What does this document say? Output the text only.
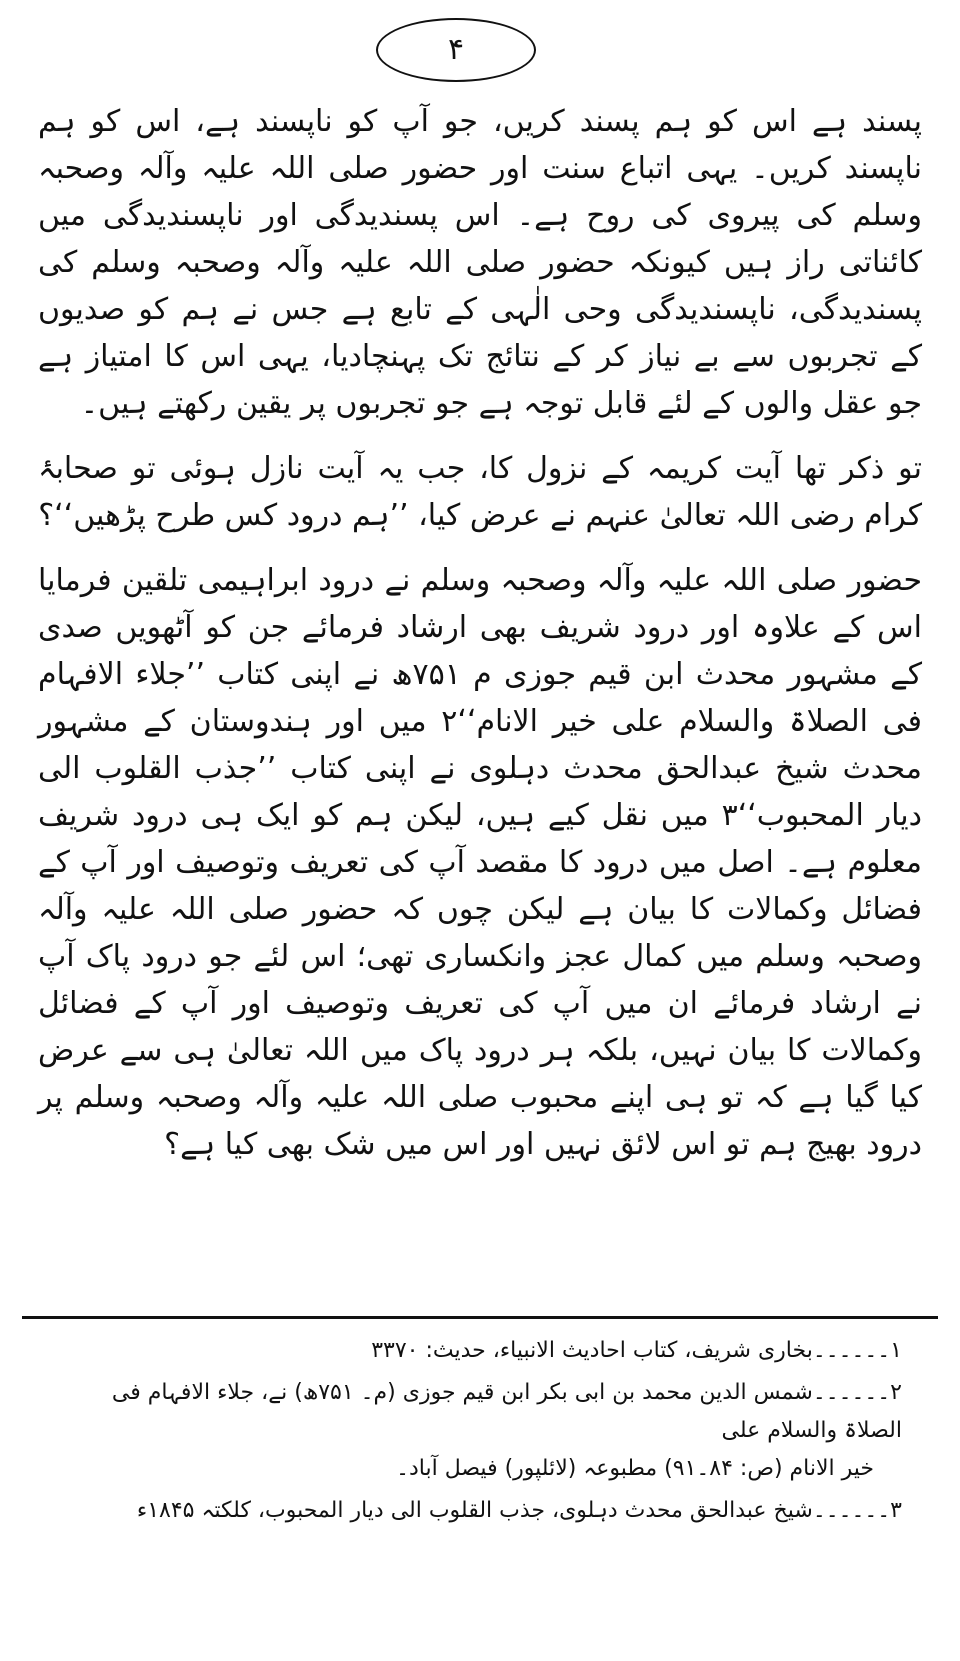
۴

پسند ہے اس کو ہم پسند کریں، جو آپ کو ناپسند ہے، اس کو ہم ناپسند کریں۔ یہی اتباع سنت اور حضور صلی اللہ علیہ وآلہ وصحبہ وسلم کی پیروی کی روح ہے۔ اس پسندیدگی اور ناپسندیدگی میں کائناتی راز ہیں کیونکہ حضور صلی اللہ علیہ وآلہ وصحبہ وسلم کی پسندیدگی، ناپسندیدگی وحی الٰہی کے تابع ہے جس نے ہم کو صدیوں کے تجربوں سے بے نیاز کر کے نتائج تک پہنچادیا، یہی اس کا امتیاز ہے جو عقل والوں کے لئے قابل توجہ ہے جو تجربوں پر یقین رکھتے ہیں۔

تو ذکر تھا آیت کریمہ کے نزول کا، جب یہ آیت نازل ہوئی تو صحابۂ کرام رضی اللہ تعالیٰ عنہم نے عرض کیا، ’’ہم درود کس طرح پڑھیں‘‘؟

حضور صلی اللہ علیہ وآلہ وصحبہ وسلم نے درود ابراہیمی تلقین فرمایا اس کے علاوہ اور درود شریف بھی ارشاد فرمائے جن کو آٹھویں صدی کے مشہور محدث ابن قیم جوزی م ۷۵۱ھ نے اپنی کتاب ’’جلاء الافہام فی الصلاۃ والسلام علی خیر الانام‘‘۲ میں اور ہندوستان کے مشہور محدث شیخ عبدالحق محدث دہلوی نے اپنی کتاب ’’جذب القلوب الی دیار المحبوب‘‘۳ میں نقل کیے ہیں، لیکن ہم کو ایک ہی درود شریف معلوم ہے۔ اصل میں درود کا مقصد آپ کی تعریف وتوصیف اور آپ کے فضائل وکمالات کا بیان ہے لیکن چوں کہ حضور صلی اللہ علیہ وآلہ وصحبہ وسلم میں کمال عجز وانکساری تھی؛ اس لئے جو درود پاک آپ نے ارشاد فرمائے ان میں آپ کی تعریف وتوصیف اور آپ کے فضائل وکمالات کا بیان نہیں، بلکہ ہر درود پاک میں اللہ تعالیٰ ہی سے عرض کیا گیا ہے کہ تو ہی اپنے محبوب صلی اللہ علیہ وآلہ وصحبہ وسلم پر درود بھیج ہم تو اس لائق نہیں اور اس میں شک بھی کیا ہے؟

۱۔۔۔۔۔۔بخاری شریف، کتاب احادیث الانبیاء، حدیث: ۳۳۷۰

۲۔۔۔۔۔۔شمس الدین محمد بن ابی بکر ابن قیم جوزی (م۔ ۷۵۱ھ) نے، جلاء الافہام فی الصلاۃ والسلام علی
خیر الانام (ص: ۸۴۔۹۱) مطبوعہ (لائلپور) فیصل آباد۔

۳۔۔۔۔۔۔شیخ عبدالحق محدث دہلوی، جذب القلوب الی دیار المحبوب، کلکتہ ۱۸۴۵ء
